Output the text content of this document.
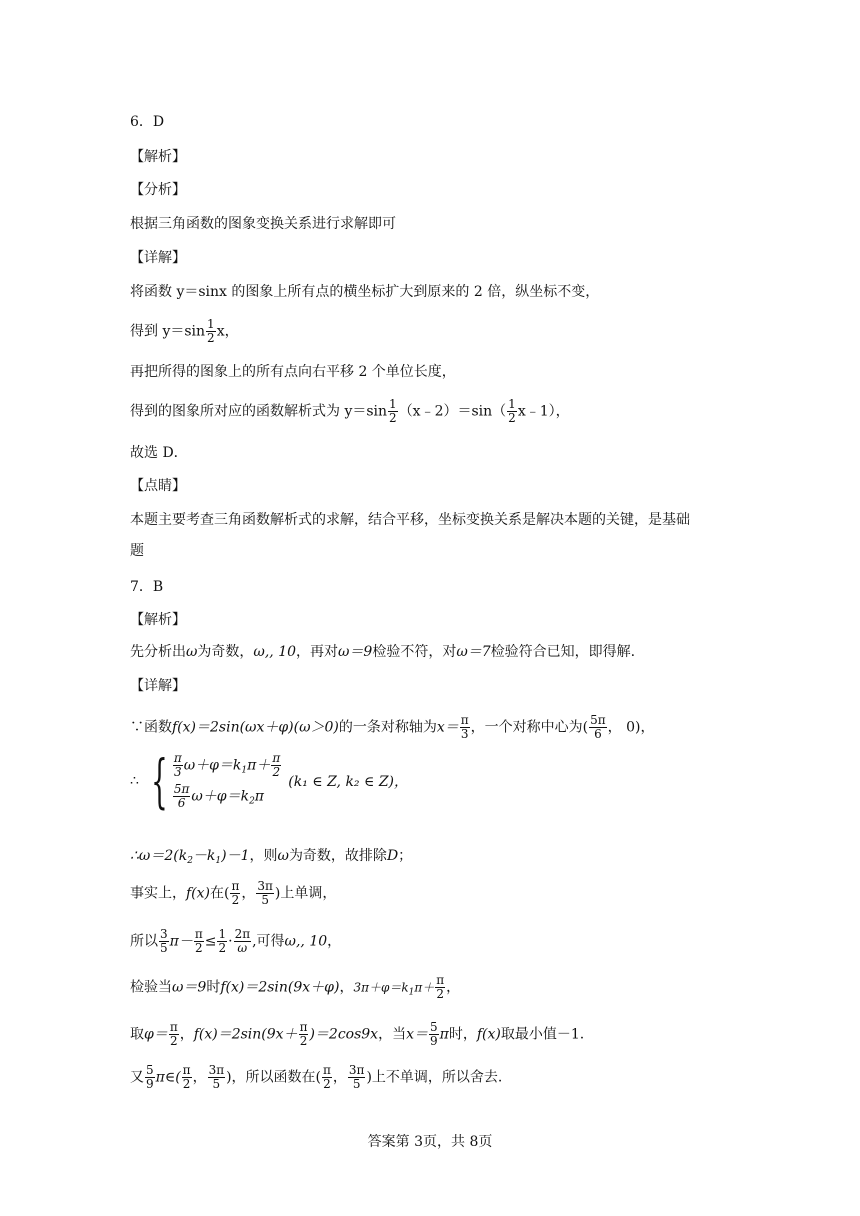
6．D
【解析】
【分析】
根据三角函数的图象变换关系进行求解即可
【详解】
将函数 y＝sinx 的图象上所有点的横坐标扩大到原来的 2 倍，纵坐标不变，
得到 $y=\sin \frac{1}{2}$ x，
再把所得的图象上的所有点向右平移 2 个单位长度，
得到的图象所对应的函数解析式为 $y=\sin \frac{1}{2}$ （x﹣2）＝sin（ $\frac{1}{2}$ x﹣1），
故选 D．
【点睛】
本题主要考查三角函数解析式的求解，结合平移，坐标变换关系是解决本题的关键，是基础
题
7．B
【解析】
先分析出ω为奇数，ω,, 10，再对ω＝9检验不符，对ω＝7检验符合已知，即得解.
【详解】
∵函数f(x)＝2sin(ωx＋φ)(ω＞0)的一条对称轴为$x= \frac{\pi}{3}$ ，一个对称中心为( $\frac{5\pi}{6}$ ， 0)，
∴ { $\frac{\pi}{3} \omega+\varphi=k_1\pi+ \frac{\pi}{2}$
$\frac{5\pi}{6} \omega+\varphi=k_2\pi$
(k₁ ∈ Z, k₂ ∈ Z)，
$\therefore\omega=2(k_2-k_1)-1$，则ω为奇数，故排除D；
事实上，f(x)在( $\frac{\pi}{2}$ ， $\frac{3\pi}{5}$ )上单调，
所以 $\frac{3}{5} \pi- \frac{\pi}{2} \le \frac{1}{2} \cdot \frac{2\pi}{\omega}$ ,可得ω,, 10，
检验当ω＝9时f(x)＝2sin(9x＋φ)，$3\pi+\varphi=k_1\pi+ \frac{\pi}{2}$ ，
取$\varphi= \frac{\pi}{2}$ ，$f(x)=2\sin(9x+ \frac{\pi}{2} )=2\cos 9x$，当$x= \frac{5}{9}$ π时，f(x)取最小值－1.
又 $\frac{5}{9}$ π∈( $\frac{\pi}{2}$ ， $\frac{3\pi}{5}$ )，所以函数在( $\frac{\pi}{2}$ ， $\frac{3\pi}{5}$ )上不单调，所以舍去.
答案第 3页，共 8页
